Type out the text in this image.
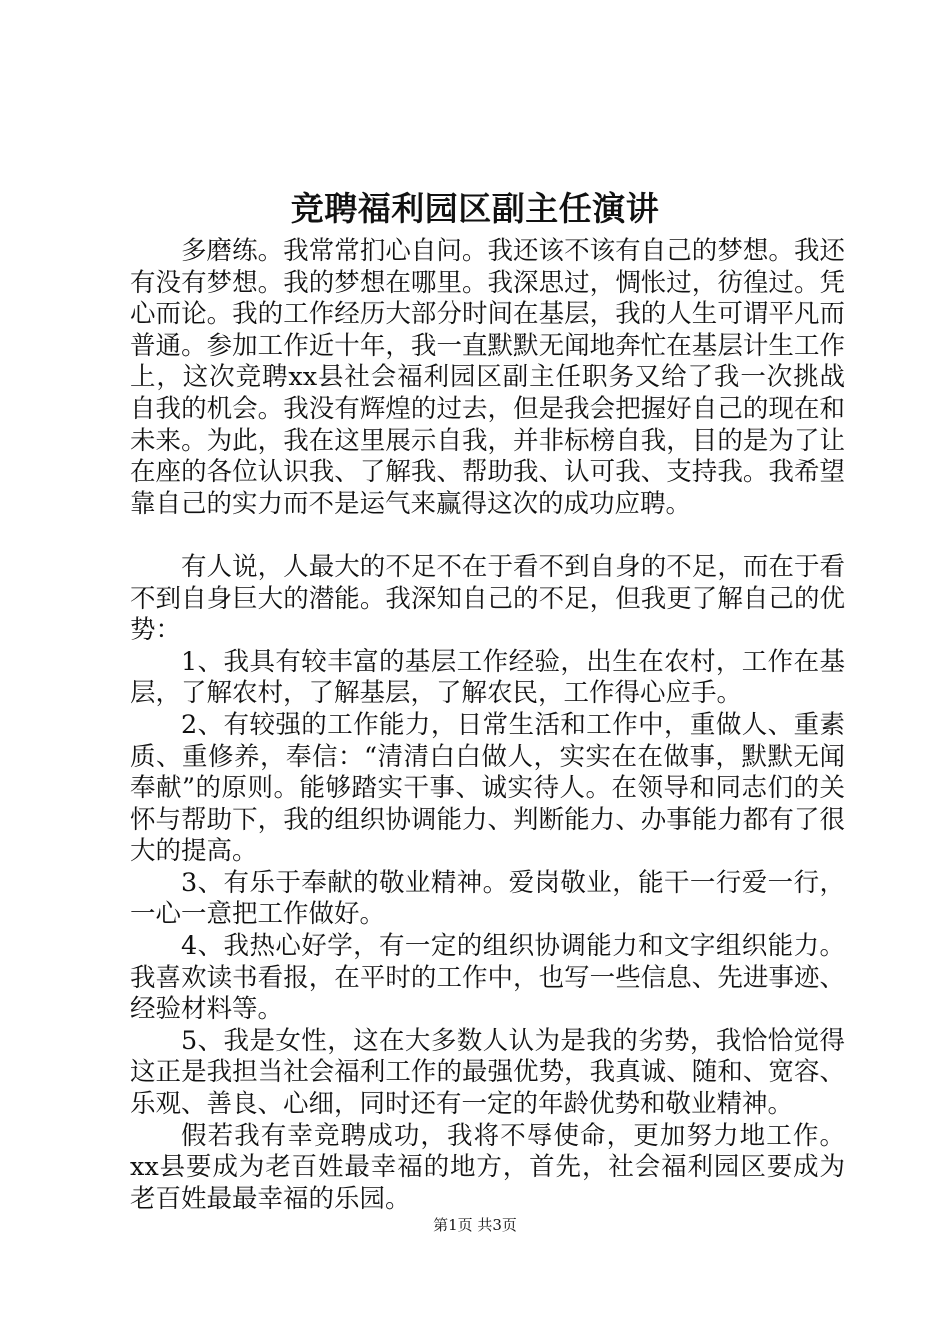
竞聘福利园区副主任演讲

多磨练。我常常扪心自问。我还该不该有自己的梦想。我还有没有梦想。我的梦想在哪里。我深思过，惆怅过，彷徨过。凭心而论。我的工作经历大部分时间在基层，我的人生可谓平凡而普通。参加工作近十年，我一直默默无闻地奔忙在基层计生工作上，这次竞聘xx县社会福利园区副主任职务又给了我一次挑战自我的机会。我没有辉煌的过去，但是我会把握好自己的现在和未来。为此，我在这里展示自我，并非标榜自我，目的是为了让在座的各位认识我、了解我、帮助我、认可我、支持我。我希望靠自己的实力而不是运气来赢得这次的成功应聘。

有人说，人最大的不足不在于看不到自身的不足，而在于看不到自身巨大的潜能。我深知自己的不足，但我更了解自己的优势：

1、我具有较丰富的基层工作经验，出生在农村，工作在基层，了解农村，了解基层，了解农民，工作得心应手。

2、有较强的工作能力，日常生活和工作中，重做人、重素质、重修养，奉信：“清清白白做人，实实在在做事，默默无闻奉献”的原则。能够踏实干事、诚实待人。在领导和同志们的关怀与帮助下，我的组织协调能力、判断能力、办事能力都有了很大的提高。

3、有乐于奉献的敬业精神。爱岗敬业，能干一行爱一行，一心一意把工作做好。

4、我热心好学，有一定的组织协调能力和文字组织能力。我喜欢读书看报，在平时的工作中，也写一些信息、先进事迹、经验材料等。

5、我是女性，这在大多数人认为是我的劣势，我恰恰觉得这正是我担当社会福利工作的最强优势，我真诚、随和、宽容、乐观、善良、心细，同时还有一定的年龄优势和敬业精神。

假若我有幸竞聘成功，我将不辱使命，更加努力地工作。xx县要成为老百姓最幸福的地方，首先，社会福利园区要成为老百姓最最幸福的乐园。

第1页 共3页
